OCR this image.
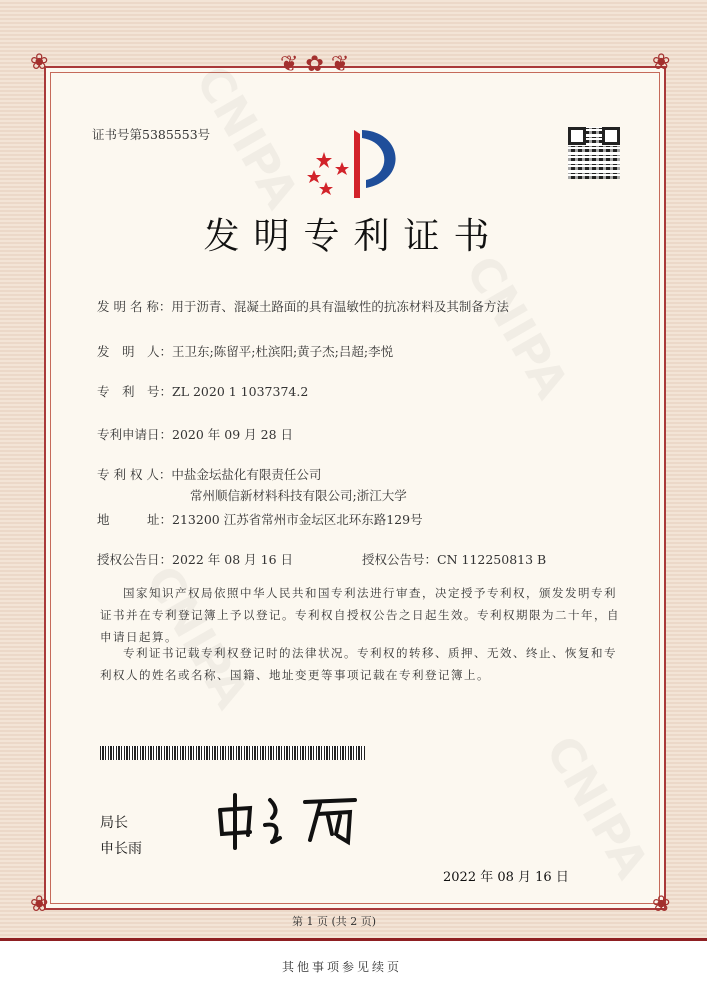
❦ ✿ ❦
❀	❀
❀	❀
证书号第5385553号
发明专利证书
发 明 名 称：用于沥青、混凝土路面的具有温敏性的抗冻材料及其制备方法
发　明　人：王卫东;陈留平;杜滨阳;黄子杰;吕超;李悦
专　利　号：ZL 2020 1 1037374.2
专利申请日：2020 年 09 月 28 日
专 利 权 人：中盐金坛盐化有限责任公司
常州顺信新材料科技有限公司;浙江大学
地　　　址：213200 江苏省常州市金坛区北环东路129号
授权公告日：2022 年 08 月 16 日	授权公告号：CN 112250813 B
国家知识产权局依照中华人民共和国专利法进行审查，决定授予专利权，颁发发明专利证书并在专利登记簿上予以登记。专利权自授权公告之日起生效。专利权期限为二十年，自申请日起算。
专利证书记载专利权登记时的法律状况。专利权的转移、质押、无效、终止、恢复和专利权人的姓名或名称、国籍、地址变更等事项记载在专利登记簿上。
局长
申长雨
2022 年 08 月 16 日
第 1 页 (共 2 页)
其他事项参见续页
